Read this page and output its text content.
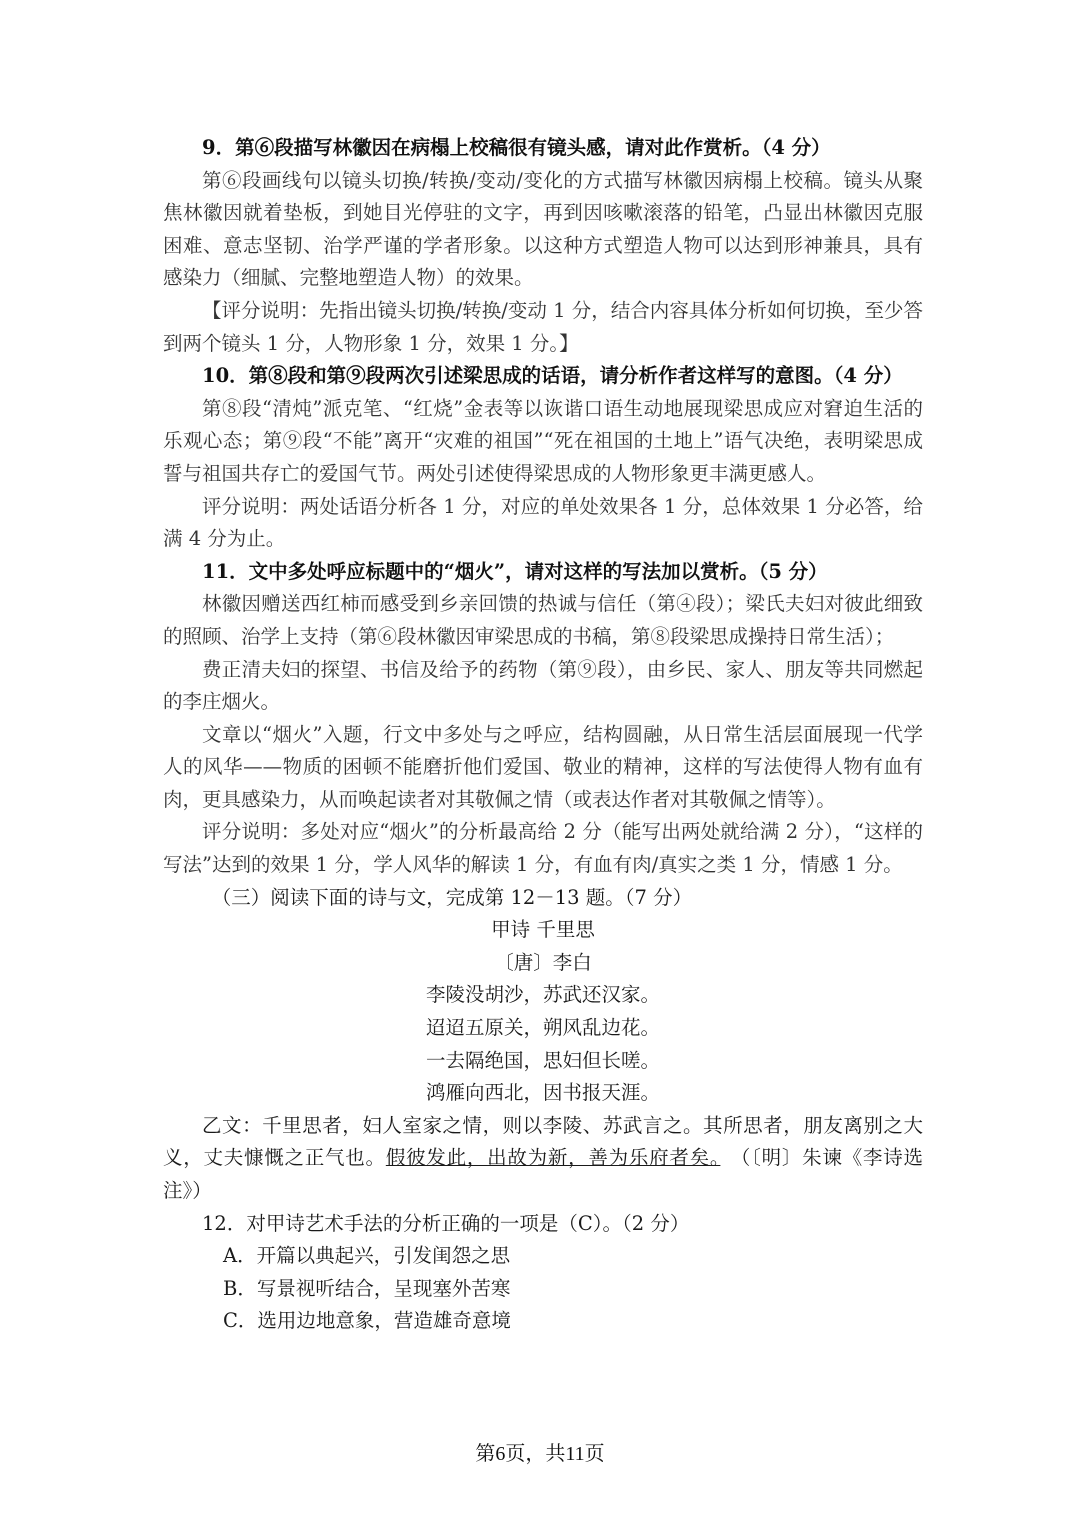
9．第⑥段描写林徽因在病榻上校稿很有镜头感，请对此作赏析。（4 分）

第⑥段画线句以镜头切换/转换/变动/变化的方式描写林徽因病榻上校稿。镜头从聚焦林徽因就着垫板，到她目光停驻的文字，再到因咳嗽滚落的铅笔，凸显出林徽因克服困难、意志坚韧、治学严谨的学者形象。以这种方式塑造人物可以达到形神兼具，具有感染力（细腻、完整地塑造人物）的效果。

【评分说明：先指出镜头切换/转换/变动 1 分，结合内容具体分析如何切换，至少答到两个镜头 1 分，人物形象 1 分，效果 1 分。】

10．第⑧段和第⑨段两次引述梁思成的话语，请分析作者这样写的意图。（4 分）

第⑧段“清炖”派克笔、“红烧”金表等以诙谐口语生动地展现梁思成应对窘迫生活的乐观心态；第⑨段“不能”离开“灾难的祖国”“死在祖国的土地上”语气决绝，表明梁思成誓与祖国共存亡的爱国气节。两处引述使得梁思成的人物形象更丰满更感人。

评分说明：两处话语分析各 1 分，对应的单处效果各 1 分，总体效果 1 分必答，给满 4 分为止。

11．文中多处呼应标题中的“烟火”，请对这样的写法加以赏析。（5 分）

林徽因赠送西红柿而感受到乡亲回馈的热诚与信任（第④段）；梁氏夫妇对彼此细致的照顾、治学上支持（第⑥段林徽因审梁思成的书稿，第⑧段梁思成操持日常生活）；

费正清夫妇的探望、书信及给予的药物（第⑨段），由乡民、家人、朋友等共同燃起的李庄烟火。

文章以“烟火”入题，行文中多处与之呼应，结构圆融，从日常生活层面展现一代学人的风华——物质的困顿不能磨折他们爱国、敬业的精神，这样的写法使得人物有血有肉，更具感染力，从而唤起读者对其敬佩之情（或表达作者对其敬佩之情等）。

评分说明：多处对应“烟火”的分析最高给 2 分（能写出两处就给满 2 分），“这样的写法”达到的效果 1 分，学人风华的解读 1 分，有血有肉/真实之类 1 分，情感 1 分。

（三）阅读下面的诗与文，完成第 12－13 题。（7 分）

甲诗 千里思

〔唐〕李白

李陵没胡沙，苏武还汉家。

迢迢五原关，朔风乱边花。

一去隔绝国，思妇但长嗟。

鸿雁向西北，因书报天涯。

乙文：千里思者，妇人室家之情，则以李陵、苏武言之。其所思者，朋友离别之大义，丈夫慷慨之正气也。假彼发此，出故为新，善为乐府者矣。　（〔明〕朱谏《李诗选注》）

12．对甲诗艺术手法的分析正确的一项是（C）。（2 分）

A．开篇以典起兴，引发闺怨之思

B．写景视听结合，呈现塞外苦寒

C．选用边地意象，营造雄奇意境

第6页，共11页
